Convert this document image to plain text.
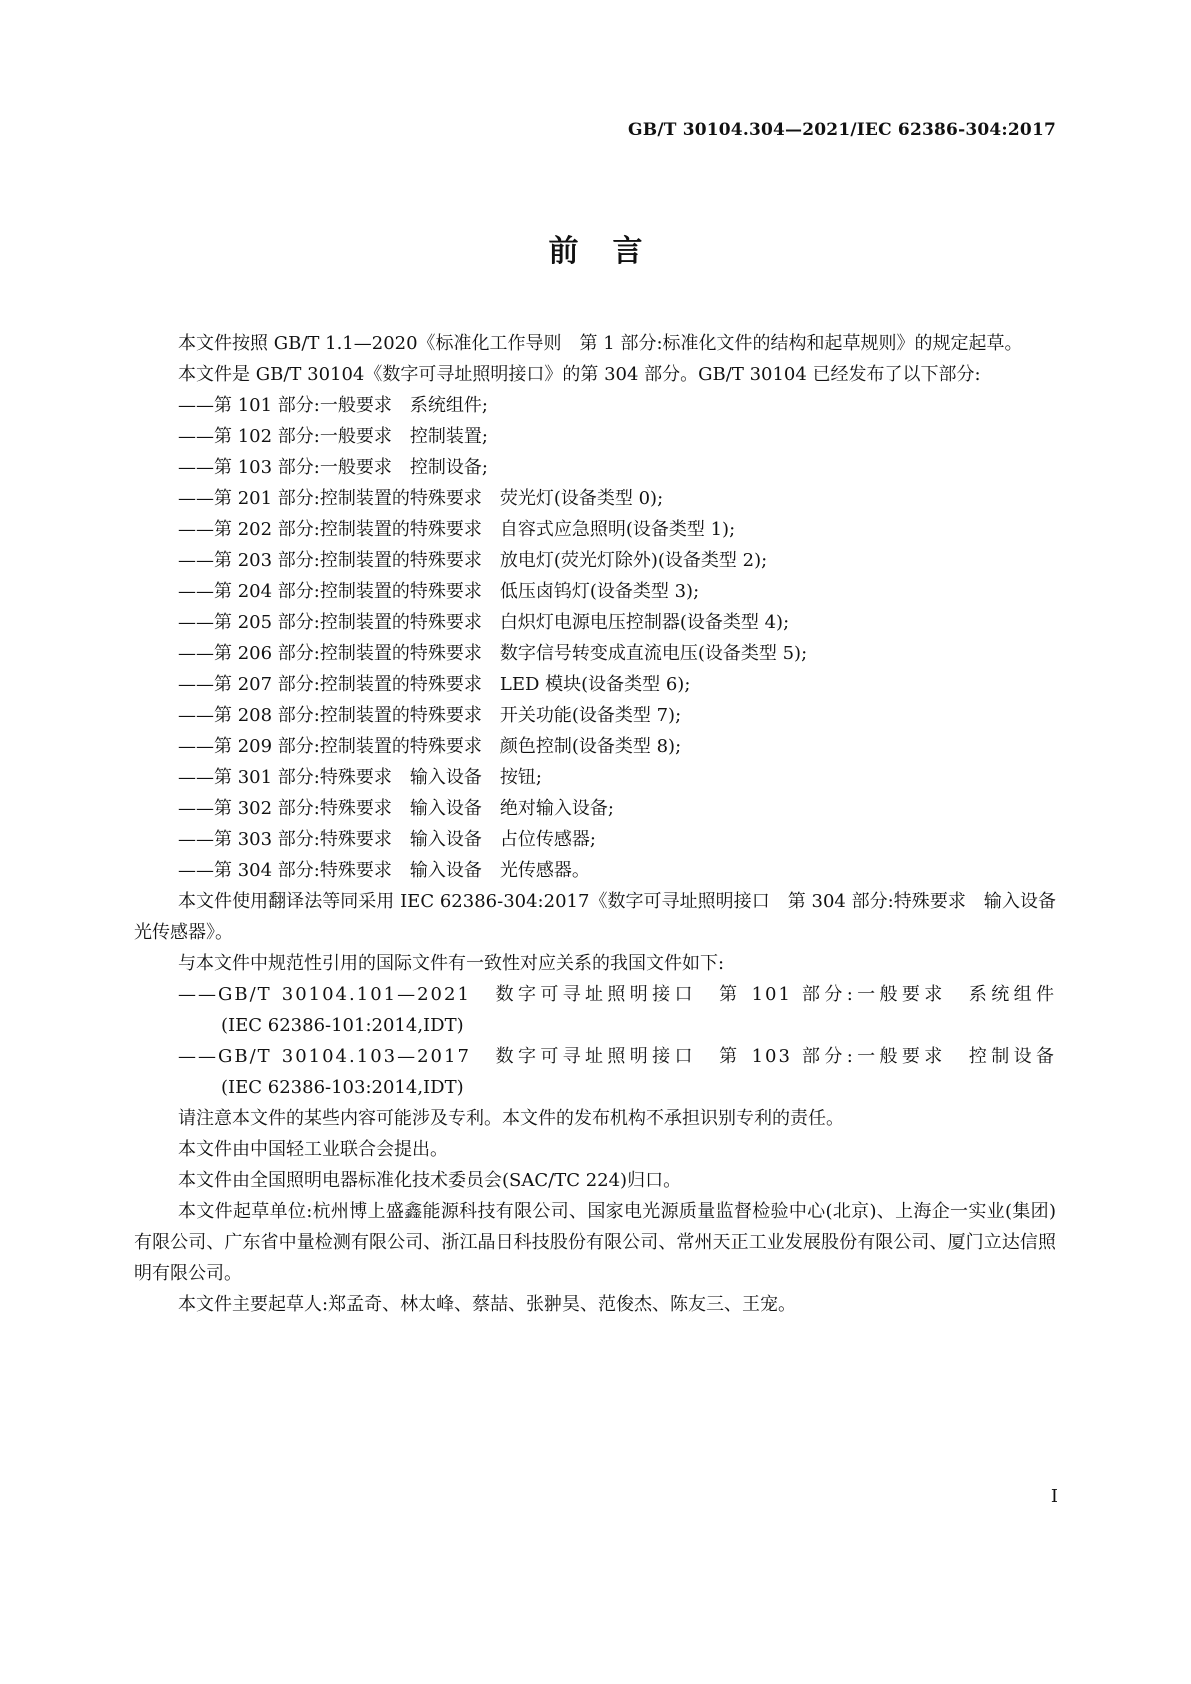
GB/T 30104.304—2021/IEC 62386-304:2017
前言

本文件按照 GB/T 1.1—2020《标准化工作导则　第 1 部分:标准化文件的结构和起草规则》的规定起草。

本文件是 GB/T 30104《数字可寻址照明接口》的第 304 部分。GB/T 30104 已经发布了以下部分:

——第 101 部分:一般要求　系统组件;

——第 102 部分:一般要求　控制装置;

——第 103 部分:一般要求　控制设备;

——第 201 部分:控制装置的特殊要求　荧光灯(设备类型 0);

——第 202 部分:控制装置的特殊要求　自容式应急照明(设备类型 1);

——第 203 部分:控制装置的特殊要求　放电灯(荧光灯除外)(设备类型 2);

——第 204 部分:控制装置的特殊要求　低压卤钨灯(设备类型 3);

——第 205 部分:控制装置的特殊要求　白炽灯电源电压控制器(设备类型 4);

——第 206 部分:控制装置的特殊要求　数字信号转变成直流电压(设备类型 5);

——第 207 部分:控制装置的特殊要求　LED 模块(设备类型 6);

——第 208 部分:控制装置的特殊要求　开关功能(设备类型 7);

——第 209 部分:控制装置的特殊要求　颜色控制(设备类型 8);

——第 301 部分:特殊要求　输入设备　按钮;

——第 302 部分:特殊要求　输入设备　绝对输入设备;

——第 303 部分:特殊要求　输入设备　占位传感器;

——第 304 部分:特殊要求　输入设备　光传感器。

本文件使用翻译法等同采用 IEC 62386-304:2017《数字可寻址照明接口　第 304 部分:特殊要求　输入设备　光传感器》。

与本文件中规范性引用的国际文件有一致性对应关系的我国文件如下:

——GB/T 30104.101—2021　数字可寻址照明接口　第 101 部分:一般要求　系统组件
(IEC 62386-101:2014,IDT)
——GB/T 30104.103—2017　数字可寻址照明接口　第 103 部分:一般要求　控制设备
(IEC 62386-103:2014,IDT)

请注意本文件的某些内容可能涉及专利。本文件的发布机构不承担识别专利的责任。

本文件由中国轻工业联合会提出。

本文件由全国照明电器标准化技术委员会(SAC/TC 224)归口。

本文件起草单位:杭州博上盛鑫能源科技有限公司、国家电光源质量监督检验中心(北京)、上海企一实业(集团)有限公司、广东省中量检测有限公司、浙江晶日科技股份有限公司、常州天正工业发展股份有限公司、厦门立达信照明有限公司。

本文件主要起草人:郑孟奇、林太峰、蔡喆、张翀昊、范俊杰、陈友三、王宠。

I
